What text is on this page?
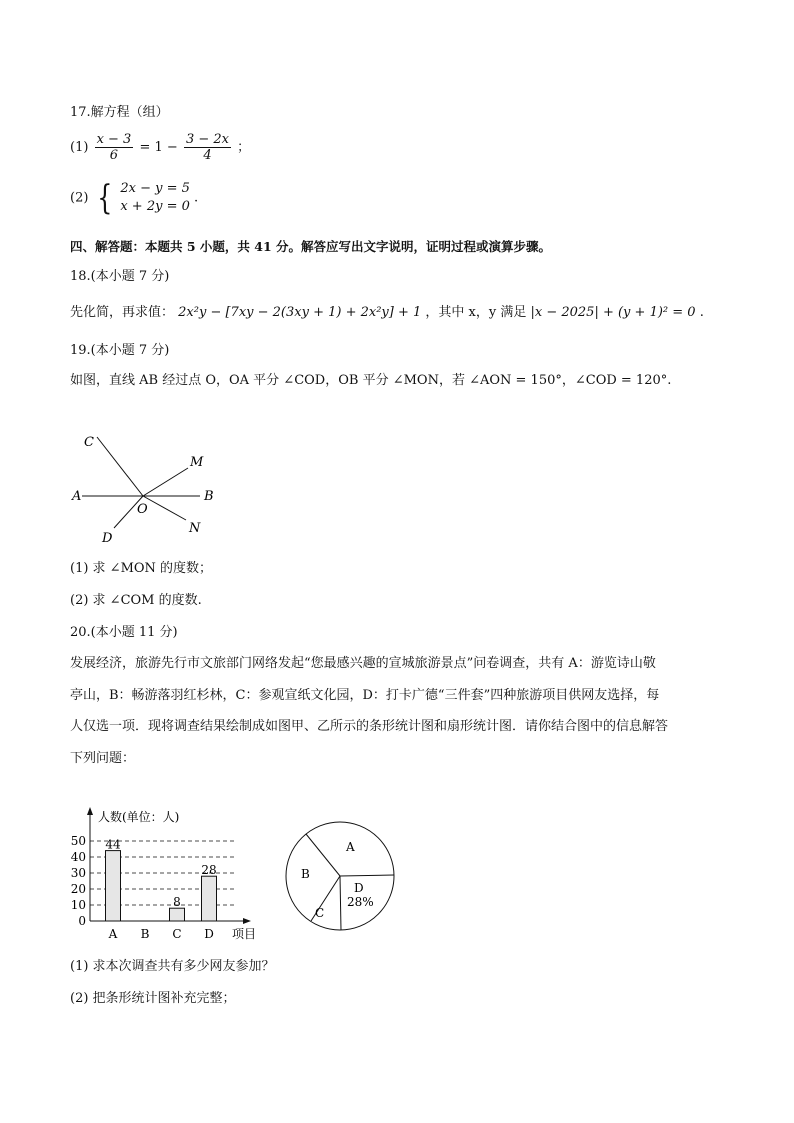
17.解方程（组）
$(1) \frac{x - 3}{6} = 1 - \frac{3 - 2x}{4}$ ；
(2) { 2x − y = 5
x + 2y = 0
.
四、解答题：本题共 5 小题，共 41 分。解答应写出文字说明，证明过程或演算步骤。
18.(本小题 7 分)
先化简，再求值： 2x²y − [7xy − 2(3xy + 1) + 2x²y] + 1 ，其中 x，y 满足 |x − 2025| + (y + 1)² = 0 .
19.(本小题 7 分)
如图，直线 AB 经过点 O，OA 平分 ∠COD，OB 平分 ∠MON，若 ∠AON = 150°，∠COD = 120°.
C
M
A	B
O
N
D
(1) 求 ∠MON 的度数；
(2) 求 ∠COM 的度数.
20.(本小题 11 分)
发展经济，旅游先行市文旅部门网络发起“您最感兴趣的宣城旅游景点”问卷调查，共有 A：游览诗山敬
亭山，B：畅游落羽红杉林，C：参观宣纸文化园，D：打卡广德“三件套”四种旅游项目供网友选择，每
人仅选一项．现将调查结果绘制成如图甲、乙所示的条形统计图和扇形统计图．请你结合图中的信息解答
下列问题：
0
10
20
30
40
50 44
8
28
A B C D
人数(单位：人)
项目
A
B
C
D
28%
(1) 求本次调查共有多少网友参加？
(2) 把条形统计图补充完整；
